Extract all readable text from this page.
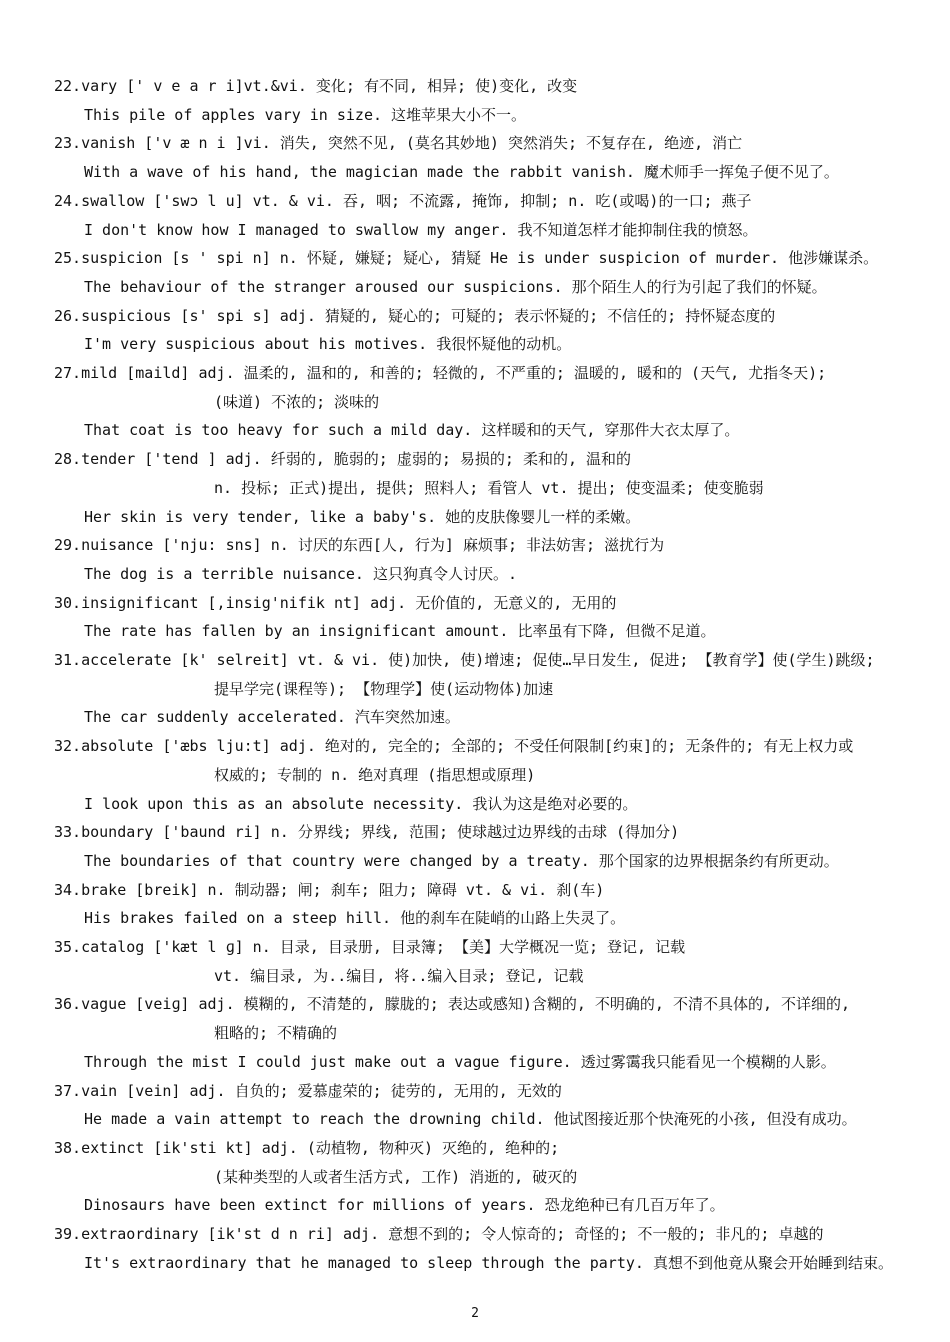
22.vary [' v e a r i]vt.&vi. 变化; 有不同, 相异; 使)变化, 改变
This pile of apples vary in size. 这堆苹果大小不一。
23.vanish ['v æ n i ]vi. 消失, 突然不见, (莫名其妙地) 突然消失; 不复存在, 绝迹, 消亡
With a wave of his hand, the magician made the rabbit vanish. 魔术师手一挥兔子便不见了。
24.swallow ['swɔ l u] vt. & vi. 吞, 咽; 不流露, 掩饰, 抑制; n. 吃(或喝)的一口; 燕子
I don't know how I managed to swallow my anger. 我不知道怎样才能抑制住我的愤怒。
25.suspicion [s ' spi n] n. 怀疑, 嫌疑; 疑心, 猜疑 He is under suspicion of murder. 他涉嫌谋杀。
The behaviour of the stranger aroused our suspicions. 那个陌生人的行为引起了我们的怀疑。
26.suspicious [s' spi s] adj. 猜疑的, 疑心的; 可疑的; 表示怀疑的; 不信任的; 持怀疑态度的
I'm very suspicious about his motives. 我很怀疑他的动机。
27.mild [maild] adj. 温柔的, 温和的, 和善的; 轻微的, 不严重的; 温暖的, 暖和的 (天气, 尤指冬天);
(味道) 不浓的; 淡味的
That coat is too heavy for such a mild day. 这样暖和的天气, 穿那件大衣太厚了。
28.tender ['tend ] adj. 纤弱的, 脆弱的; 虚弱的; 易损的; 柔和的, 温和的
n. 投标; 正式)提出, 提供; 照料人; 看管人 vt. 提出; 使变温柔; 使变脆弱
Her skin is very tender, like a baby's. 她的皮肤像婴儿一样的柔嫩。
29.nuisance ['nju: sns] n. 讨厌的东西[人, 行为] 麻烦事; 非法妨害; 滋扰行为
The dog is a terrible nuisance. 这只狗真令人讨厌。.
30.insignificant [,insig'nifik nt] adj. 无价值的, 无意义的, 无用的
The rate has fallen by an insignificant amount. 比率虽有下降, 但微不足道。
31.accelerate [k' selreit] vt. & vi. 使)加快, 使)增速; 促使…早日发生, 促进; 【教育学】使(学生)跳级;
提早学完(课程等); 【物理学】使(运动物体)加速
The car suddenly accelerated. 汽车突然加速。
32.absolute ['æbs lju:t] adj. 绝对的, 完全的; 全部的; 不受任何限制[约束]的; 无条件的; 有无上权力或
权威的; 专制的 n. 绝对真理 (指思想或原理)
I look upon this as an absolute necessity. 我认为这是绝对必要的。
33.boundary ['baund ri] n. 分界线; 界线, 范围; 使球越过边界线的击球 (得加分)
The boundaries of that country were changed by a treaty. 那个国家的边界根据条约有所更动。
34.brake [breik] n. 制动器; 闸; 刹车; 阻力; 障碍 vt. & vi. 刹(车)
His brakes failed on a steep hill. 他的刹车在陡峭的山路上失灵了。
35.catalog ['kæt l ɡ] n. 目录, 目录册, 目录簿; 【美】大学概况一览; 登记, 记载
vt. 编目录, 为..编目, 将..编入目录; 登记, 记载
36.vague [veiɡ] adj. 模糊的, 不清楚的, 朦胧的; 表达或感知)含糊的, 不明确的, 不清不具体的, 不详细的,
粗略的; 不精确的
Through the mist I could just make out a vague figure. 透过雾霭我只能看见一个模糊的人影。
37.vain [vein] adj. 自负的; 爱慕虚荣的; 徒劳的, 无用的, 无效的
He made a vain attempt to reach the drowning child. 他试图接近那个快淹死的小孩, 但没有成功。
38.extinct [ik'sti kt] adj. (动植物, 物种灭) 灭绝的, 绝种的;
(某种类型的人或者生活方式, 工作) 消逝的, 破灭的
Dinosaurs have been extinct for millions of years. 恐龙绝种已有几百万年了。
39.extraordinary [ik'st d n ri] adj. 意想不到的; 令人惊奇的; 奇怪的; 不一般的; 非凡的; 卓越的
It's extraordinary that he managed to sleep through the party. 真想不到他竟从聚会开始睡到结束。
2
